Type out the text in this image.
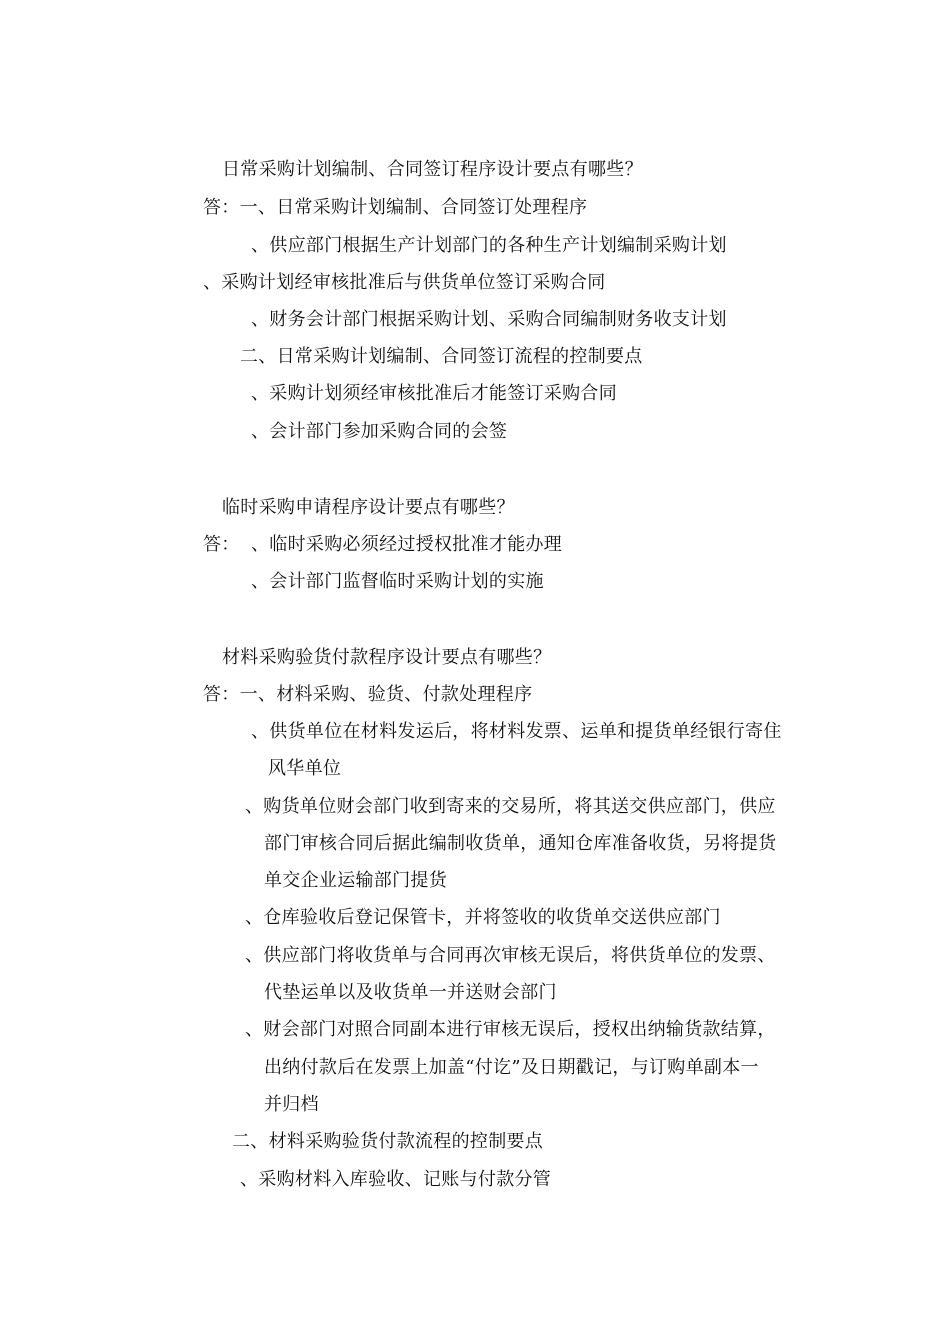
日常采购计划编制、合同签订程序设计要点有哪些？
答：一、日常采购计划编制、合同签订处理程序
、供应部门根据生产计划部门的各种生产计划编制采购计划
、采购计划经审核批准后与供货单位签订采购合同
、财务会计部门根据采购计划、采购合同编制财务收支计划
二、日常采购计划编制、合同签订流程的控制要点
、采购计划须经审核批准后才能签订采购合同
、会计部门参加采购合同的会签
临时采购申请程序设计要点有哪些？
答： 、临时采购必须经过授权批准才能办理
、会计部门监督临时采购计划的实施
材料采购验货付款程序设计要点有哪些？
答：一、材料采购、验货、付款处理程序
、供货单位在材料发运后，将材料发票、运单和提货单经银行寄住
风华单位
、购货单位财会部门收到寄来的交易所，将其送交供应部门，供应
部门审核合同后据此编制收货单，通知仓库准备收货，另将提货
单交企业运输部门提货
、仓库验收后登记保管卡，并将签收的收货单交送供应部门
、供应部门将收货单与合同再次审核无误后，将供货单位的发票、
代垫运单以及收货单一并送财会部门
、财会部门对照合同副本进行审核无误后，授权出纳输货款结算，
出纳付款后在发票上加盖“付讫”及日期戳记，与订购单副本一
并归档
二、材料采购验货付款流程的控制要点
、采购材料入库验收、记账与付款分管
